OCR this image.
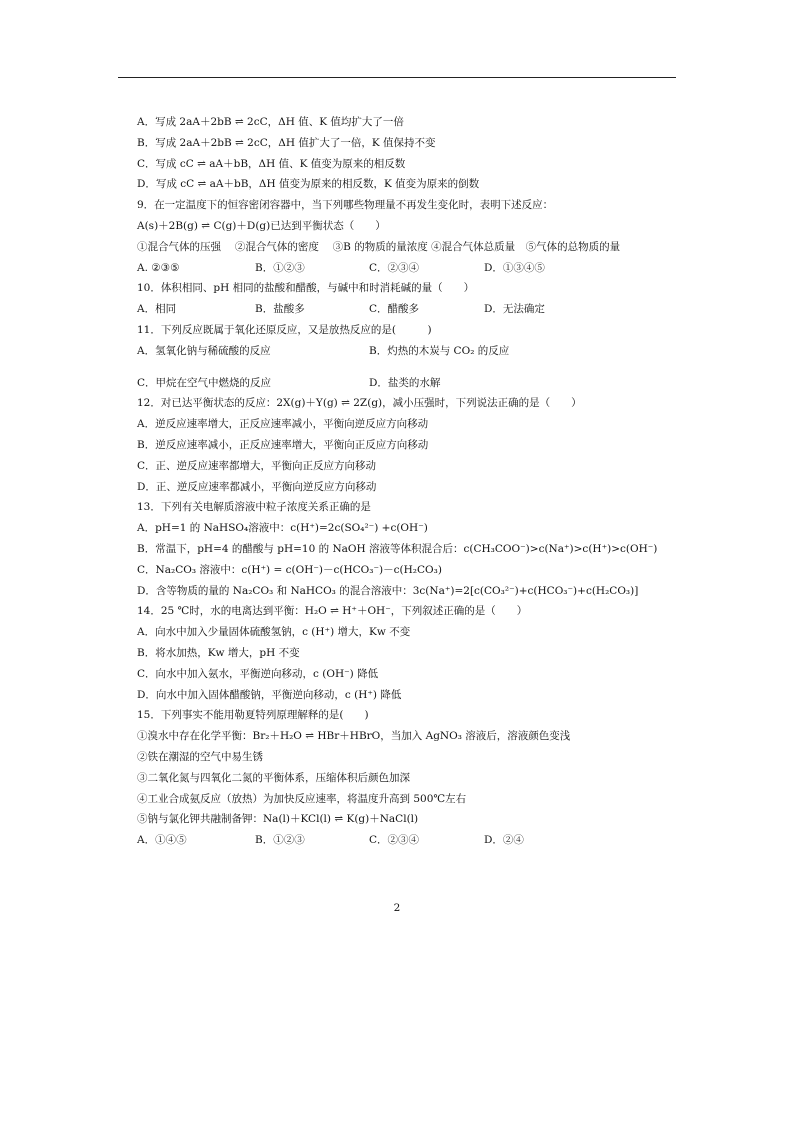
A．写成 2aA＋2bB ⇌ 2cC，ΔH 值、K 值均扩大了一倍
B．写成 2aA＋2bB ⇌ 2cC，ΔH 值扩大了一倍，K 值保持不变
C．写成 cC ⇌ aA＋bB，ΔH 值、K 值变为原来的相反数
D．写成 cC ⇌ aA＋bB，ΔH 值变为原来的相反数，K 值变为原来的倒数
9．在一定温度下的恒容密闭容器中，当下列哪些物理量不再发生变化时，表明下述反应：
A(s)＋2B(g) ⇌ C(g)＋D(g)已达到平衡状态（　　）
①混合气体的压强　 ②混合气体的密度　 ③B 的物质的量浓度 ④混合气体总质量　⑤气体的总物质的量
A. ②③⑤	B．①②③	C．②③④	D．①③④⑤
10．体积相同、pH 相同的盐酸和醋酸，与碱中和时消耗碱的量（　　）
A．相同	B．盐酸多	C．醋酸多	D．无法确定
11．下列反应既属于氧化还原反应，又是放热反应的是(　　　)
A．氢氧化钠与稀硫酸的反应	B．灼热的木炭与 CO₂ 的反应
C．甲烷在空气中燃烧的反应	D．盐类的水解
12．对已达平衡状态的反应：2X(g)＋Y(g) ⇌ 2Z(g)，减小压强时，下列说法正确的是（　　）
A．逆反应速率增大，正反应速率减小，平衡向逆反应方向移动
B．逆反应速率减小，正反应速率增大，平衡向正反应方向移动
C．正、逆反应速率都增大，平衡向正反应方向移动
D．正、逆反应速率都减小，平衡向逆反应方向移动
13．下列有关电解质溶液中粒子浓度关系正确的是
A．pH=1 的 NaHSO₄溶液中：c(H⁺)=2c(SO₄²⁻) +c(OH⁻)
B．常温下，pH=4 的醋酸与 pH=10 的 NaOH 溶液等体积混合后：c(CH₃COO⁻)>c(Na⁺)>c(H⁺)>c(OH⁻)
C．Na₂CO₃ 溶液中：c(H⁺) = c(OH⁻)－c(HCO₃⁻)－c(H₂CO₃)
D．含等物质的量的 Na₂CO₃ 和 NaHCO₃ 的混合溶液中：3c(Na⁺)=2[c(CO₃²⁻)+c(HCO₃⁻)+c(H₂CO₃)]
14．25 ℃时，水的电离达到平衡：H₂O ⇌ H⁺＋OH⁻，下列叙述正确的是（　　）
A．向水中加入少量固体硫酸氢钠，c (H⁺) 增大，Kw 不变
B．将水加热，Kw 增大，pH 不变
C．向水中加入氨水，平衡逆向移动，c (OH⁻) 降低
D．向水中加入固体醋酸钠，平衡逆向移动，c (H⁺) 降低
15．下列事实不能用勒夏特列原理解释的是(　　)
①溴水中存在化学平衡：Br₂＋H₂O ⇌ HBr＋HBrO，当加入 AgNO₃ 溶液后，溶液颜色变浅
②铁在潮湿的空气中易生锈
③二氧化氮与四氧化二氮的平衡体系，压缩体积后颜色加深
④工业合成氨反应（放热）为加快反应速率，将温度升高到 500℃左右
⑤钠与氯化钾共融制备钾：Na(l)＋KCl(l) ⇌ K(g)＋NaCl(l)
A．①④⑤	B．①②③	C．②③④	D．②④
2
